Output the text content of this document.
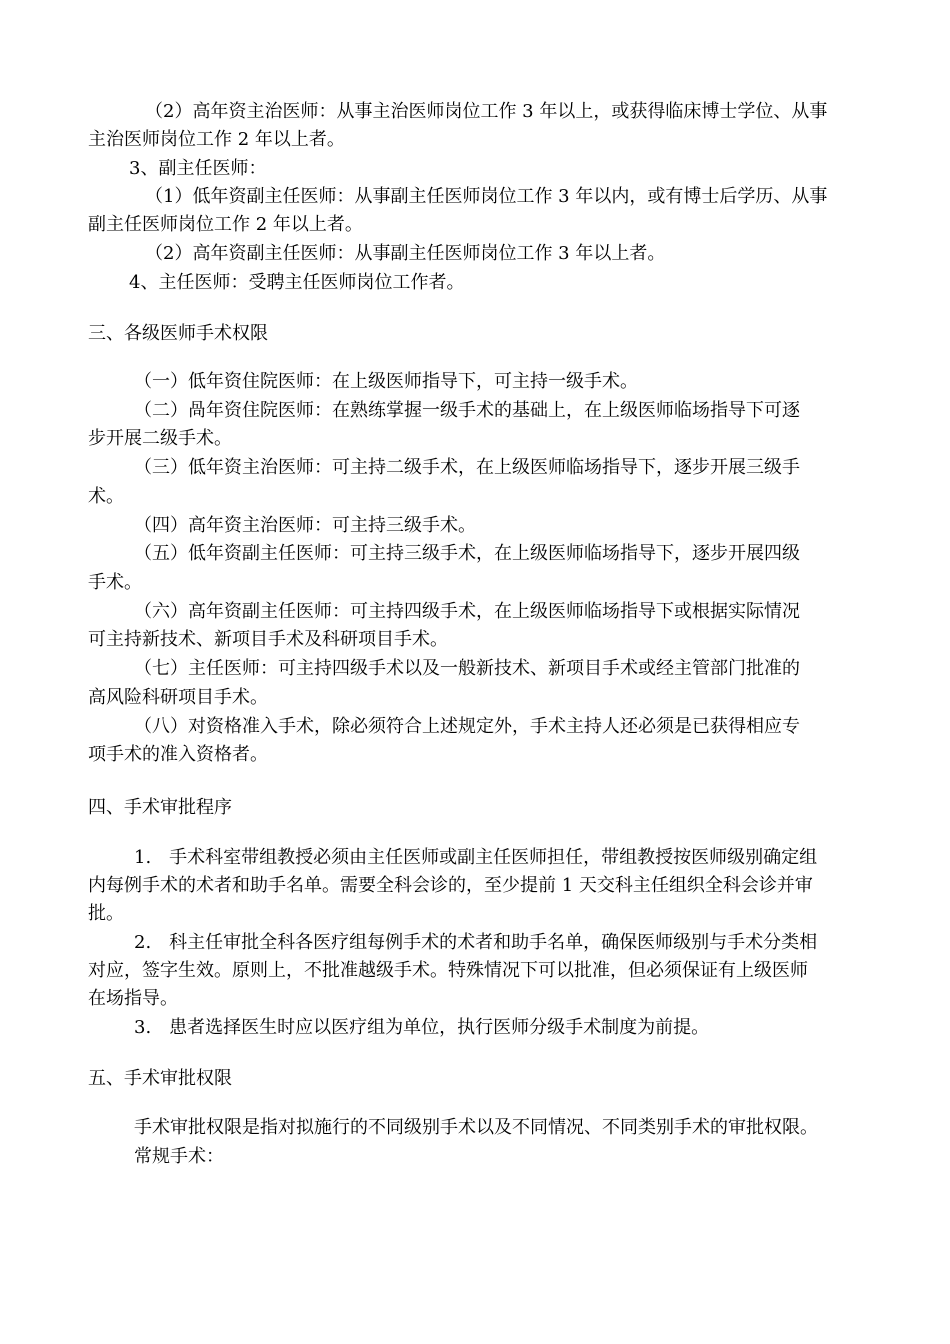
（2）高年资主治医师：从事主治医师岗位工作 3 年以上，或获得临床博士学位、从事
主治医师岗位工作 2 年以上者。
3、副主任医师：
（1）低年资副主任医师：从事副主任医师岗位工作 3 年以内，或有博士后学历、从事
副主任医师岗位工作 2 年以上者。
（2）高年资副主任医师：从事副主任医师岗位工作 3 年以上者。
4、主任医师：受聘主任医师岗位工作者。
三、各级医师手术权限
（一）低年资住院医师：在上级医师指导下，可主持一级手术。
（二）咼年资住院医师：在熟练掌握一级手术的基础上，在上级医师临场指导下可逐
步开展二级手术。
（三）低年资主治医师：可主持二级手术，在上级医师临场指导下，逐步开展三级手
术。
（四）高年资主治医师：可主持三级手术。
（五）低年资副主任医师：可主持三级手术，在上级医师临场指导下，逐步开展四级
手术。
（六）高年资副主任医师：可主持四级手术，在上级医师临场指导下或根据实际情况
可主持新技术、新项目手术及科研项目手术。
（七）主任医师：可主持四级手术以及一般新技术、新项目手术或经主管部门批准的
高风险科研项目手术。
（八）对资格准入手术，除必须符合上述规定外，手术主持人还必须是已获得相应专
项手术的准入资格者。
四、手术审批程序
1.　手术科室带组教授必须由主任医师或副主任医师担任，带组教授按医师级别确定组
内每例手术的术者和助手名单。需要全科会诊的，至少提前 1 天交科主任组织全科会诊并审
批。
2.　科主任审批全科各医疗组每例手术的术者和助手名单，确保医师级别与手术分类相
对应，签字生效。原则上，不批准越级手术。特殊情况下可以批准，但必须保证有上级医师
在场指导。
3.　患者选择医生时应以医疗组为单位，执行医师分级手术制度为前提。
五、手术审批权限
手术审批权限是指对拟施行的不同级别手术以及不同情况、不同类别手术的审批权限。
常规手术：
